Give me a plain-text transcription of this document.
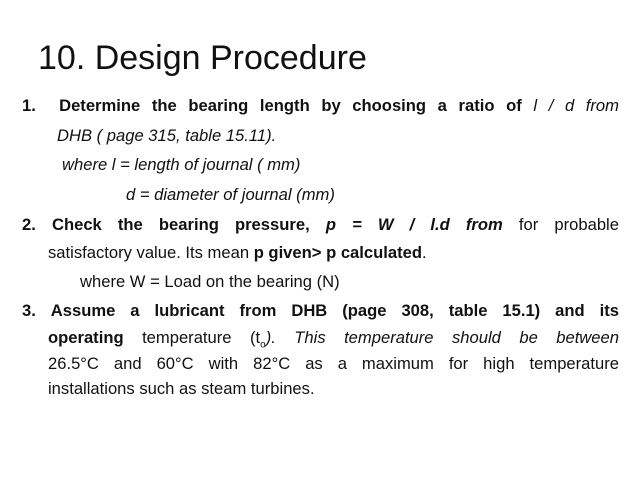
10. Design Procedure
1. Determine the bearing length by choosing a ratio of l / d from
DHB ( page 315, table 15.11).
where l = length of journal ( mm)
d = diameter of journal (mm)
2. Check the bearing pressure, p = W / l.d from for probable
satisfactory value. Its mean p given> p calculated.
where W = Load on the bearing (N)
3. Assume a lubricant from DHB (page 308, table 15.1) and its
operating temperature $(t_o)$. This temperature should be between
26.5°C and 60°C with 82°C as a maximum for high temperature
installations such as steam turbines.
